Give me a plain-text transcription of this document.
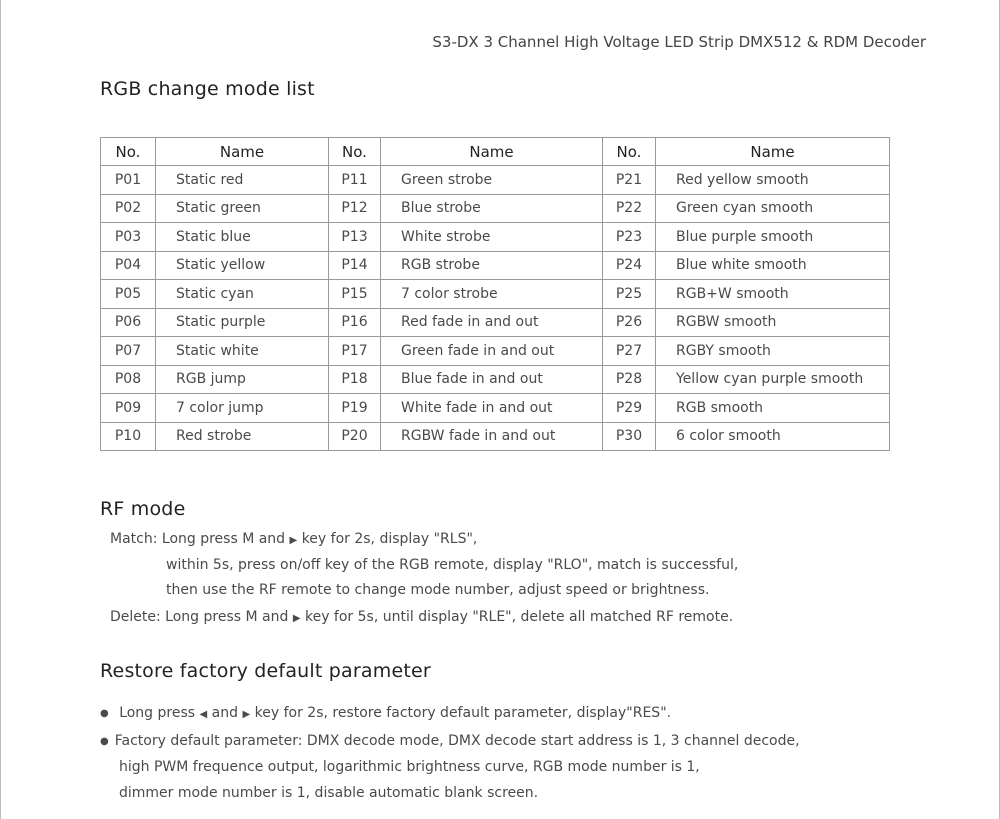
S3-DX 3 Channel High Voltage LED Strip DMX512 & RDM Decoder
RGB change mode list
No.	Name	No.	Name	No.	Name
P01	Static red	P11	Green strobe	P21	Red yellow smooth
P02	Static green	P12	Blue strobe	P22	Green cyan smooth
P03	Static blue	P13	White strobe	P23	Blue purple smooth
P04	Static yellow	P14	RGB strobe	P24	Blue white smooth
P05	Static cyan	P15	7 color strobe	P25	RGB+W smooth
P06	Static purple	P16	Red fade in and out	P26	RGBW smooth
P07	Static white	P17	Green fade in and out	P27	RGBY smooth
P08	RGB jump	P18	Blue fade in and out	P28	Yellow cyan purple smooth
P09	7 color jump	P19	White fade in and out	P29	RGB smooth
P10	Red strobe	P20	RGBW fade in and out	P30	6 color smooth
RF mode
Match: Long press M and ▶ key for 2s, display "RLS",
within 5s, press on/off key of the RGB remote, display "RLO", match is successful,
then use the RF remote to change mode number, adjust speed or brightness.
Delete: Long press M and ▶ key for 5s, until display "RLE", delete all matched RF remote.
Restore factory default parameter
● Long press ◀ and ▶ key for 2s, restore factory default parameter, display"RES".
● Factory default parameter: DMX decode mode, DMX decode start address is 1, 3 channel decode,
high PWM frequence output, logarithmic brightness curve, RGB mode number is 1,
dimmer mode number is 1, disable automatic blank screen.
